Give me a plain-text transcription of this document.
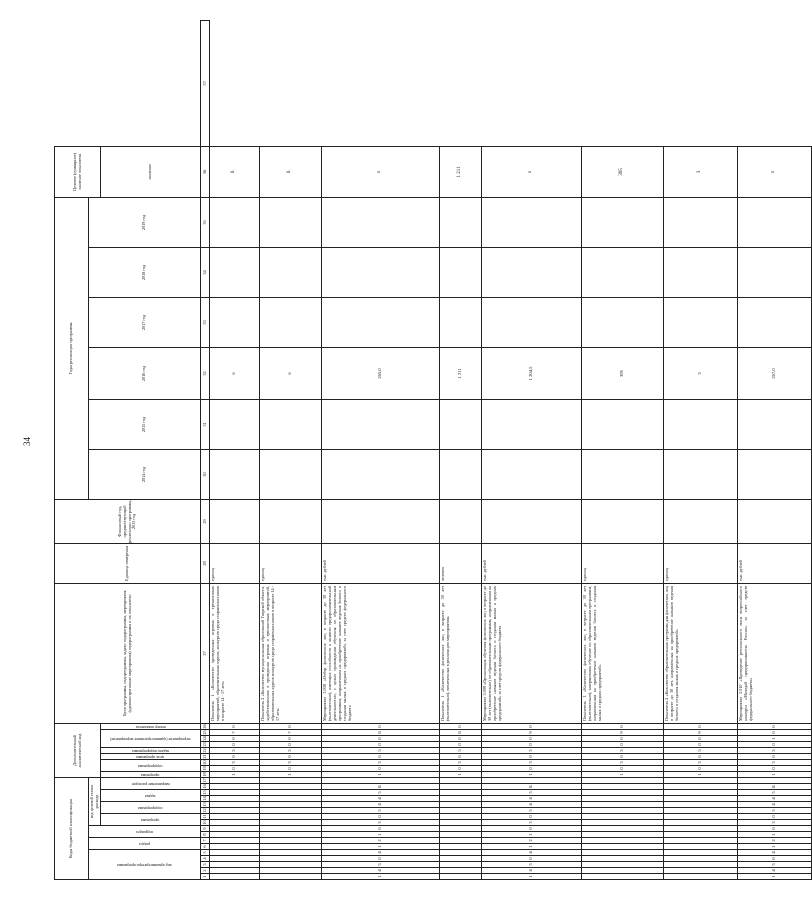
34
Коды бюджетной классификации																	Дополнительный аналитический код									Цели программы, подпрограммы, задачи подпрограммы, мероприятия (административные мероприятия) подпрограммы и их показатели	Единица измерения	Финансовый год, предшествующий реализации программы, 2013 год	Годы реализации программы						Целевое (суммарное) значение показателя	

код администратора программы					раздел		подраздел		код целевой статьи расхода																				2014 год	2015 год	2016 год	2017 год	2018 год	2019 год		

									программа		подпрограмма		задача		направление расходов		программа	подпрограмма		цель программы	задача подпрограммы	мероприятие (административное мероприятие)			номер показателя										значение	
1	2	3	4	5	6	7	8	9	10	11	12	13	14	15	16	17	18	19	20	21	22	23	24	25	26	27	28	29	30	31	32	33	34	35	36	37
																	1	0	3	0	5	0	0	7	0	Показатель 1 «Количество проведенных игровых и тренинговых мероприятий, образовательных курсов, конкурсов среди старшеклассников в возрасте 14 - 17 лет»	единиц				6				6	
																	1	0	3	0	5	0	0	7	0	Показатель 2 «Количество муниципальных образований Тверской области, задействованных в проведении игровых и тренинговых мероприятий, образовательных курсов конкурсов среди старшеклассников в возрасте 14 - 17 лет»	единиц				6				6	
1	4	5	0	4	1	2	1	0	3	0	5	4	4	5	Б		1	0	3	0	5	0	0	8	0	Мероприятие 5.008 «Отбор физических лиц в возрасте до 30 лет (включительно), имеющих способности к занятию предпринимательской деятельностью, с целью прохождения обучения по образовательным программам, направленным на приобретение навыков ведения бизнеса и создания малых и средних предприятий» за счет средств федерального бюджета	тыс. рублей				265,0				х	
																	1	0	3	0	5	0	0	8	0	Показатель 1 «Количество физических лиц в возрасте до 30 лет (включительно), вовлеченных в реализацию мероприятия»	человек				1 211				1 211	
1	4	5	0	4	1	2	1	0	3	0	5	4	4	5	Б		1	0	3	0	5	0	0	9	0	Мероприятие 5.009 «Организация обучения физических лиц в возрасте до 30 лет (включительно) по образовательным программам, направленным на приобретение навыков ведения бизнеса и создания малых и средних предприятий» за счет средств федерального бюджета	тыс. рублей				1 204,5				х	
																	1	0	3	0	5	0	0	9	0	Показатель 1 «Количество физических лиц в возрасте до 30 лет (включительно), завершивших обучение по образовательным программам, направленным на приобретение навыков ведения бизнеса и создания малых и средних предприятий»	единиц				395				395	
																	1	0	3	0	5	0	0	9	0	Показатель 2 «Количество образовательных программ для физических лиц в возрасте до 30 лет, направленных на приобретение навыков ведения бизнеса и создания малых и средних предприятий»	единиц				3				3	
1	4	5	0	4	1	2	1	0	3	0	5	4	4	5	Б		1	0	3	0	5	0	1	0	0	Мероприятие 5.010 «Проведение регионального этапа всероссийского конкурса «Молодой предприниматель России» за счет средств федерального бюджета»	тыс. рублей				267,0				х	
